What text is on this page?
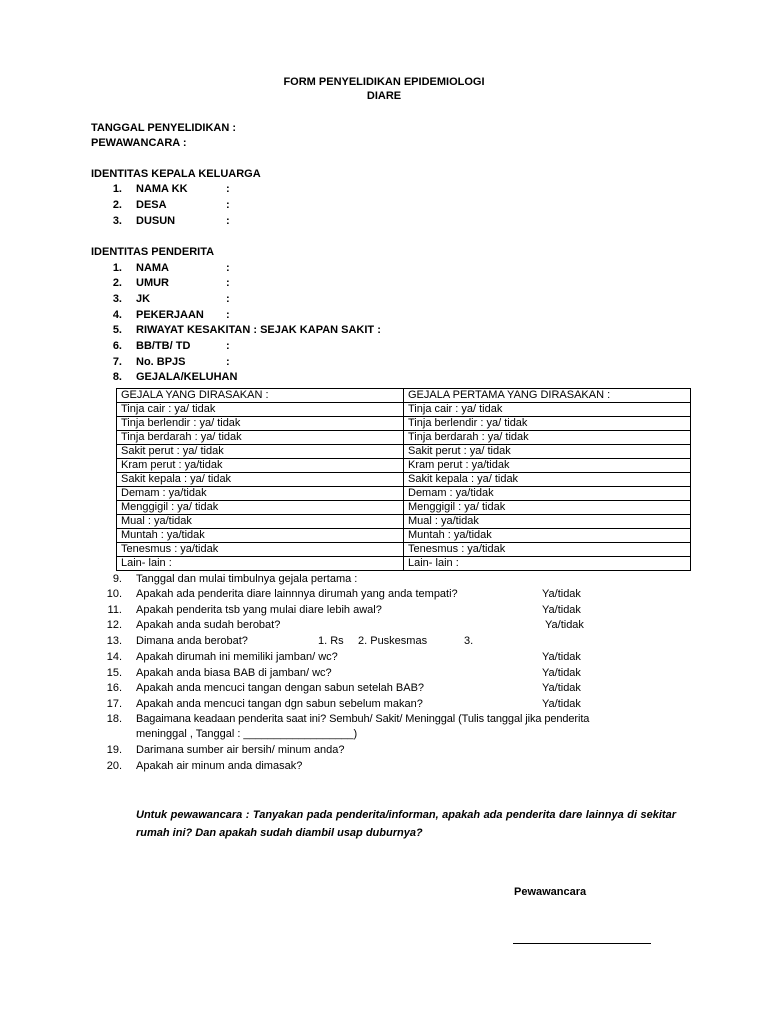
FORM PENYELIDIKAN EPIDEMIOLOGI
DIARE
TANGGAL PENYELIDIKAN :
PEWAWANCARA :
IDENTITAS KEPALA KELUARGA
1. NAMA KK	:
2. DESA	:
3. DUSUN	:
IDENTITAS PENDERITA
1. NAMA	:
2. UMUR	:
3. JK	:
4. PEKERJAAN :
5. RIWAYAT KESAKITAN : SEJAK KAPAN SAKIT :
6. BB/TB/ TD	:
7. No. BPJS	:
8. GEJALA/KELUHAN
GEJALA YANG DIRASAKAN :	GEJALA PERTAMA YANG DIRASAKAN :
Tinja cair : ya/ tidak	Tinja cair : ya/ tidak
Tinja berlendir : ya/ tidak	Tinja berlendir : ya/ tidak
Tinja berdarah : ya/ tidak	Tinja berdarah : ya/ tidak
Sakit perut : ya/ tidak	Sakit perut : ya/ tidak
Kram perut : ya/tidak	Kram perut : ya/tidak
Sakit kepala : ya/ tidak	Sakit kepala : ya/ tidak
Demam : ya/tidak	Demam : ya/tidak
Menggigil : ya/ tidak	Menggigil : ya/ tidak
Mual : ya/tidak	Mual : ya/tidak
Muntah : ya/tidak	Muntah : ya/tidak
Tenesmus : ya/tidak	Tenesmus : ya/tidak
Lain- lain :	Lain- lain :
9. Tanggal dan mulai timbulnya gejala pertama :
10. Apakah ada penderita diare lainnnya dirumah yang anda tempati?	Ya/tidak
11. Apakah penderita tsb yang mulai diare lebih awal?	Ya/tidak
12. Apakah anda sudah berobat?	Ya/tidak
13. Dimana anda berobat?	1. Rs 2. Puskesmas	3.
14. Apakah dirumah ini memiliki jamban/ wc?	Ya/tidak
15. Apakah anda biasa BAB di jamban/ wc?	Ya/tidak
16. Apakah anda mencuci tangan dengan sabun setelah BAB?	Ya/tidak
17. Apakah anda mencuci tangan dgn sabun sebelum makan?	Ya/tidak
18. Bagaimana keadaan penderita saat ini? Sembuh/ Sakit/ Meninggal (Tulis tanggal jika penderita
meninggal , Tanggal : __________________)
19. Darimana sumber air bersih/ minum anda?
20. Apakah air minum anda dimasak?
Untuk pewawancara : Tanyakan pada penderita/informan, apakah ada penderita dare lainnya di sekitar rumah ini? Dan apakah sudah diambil usap duburnya?
Pewawancara
